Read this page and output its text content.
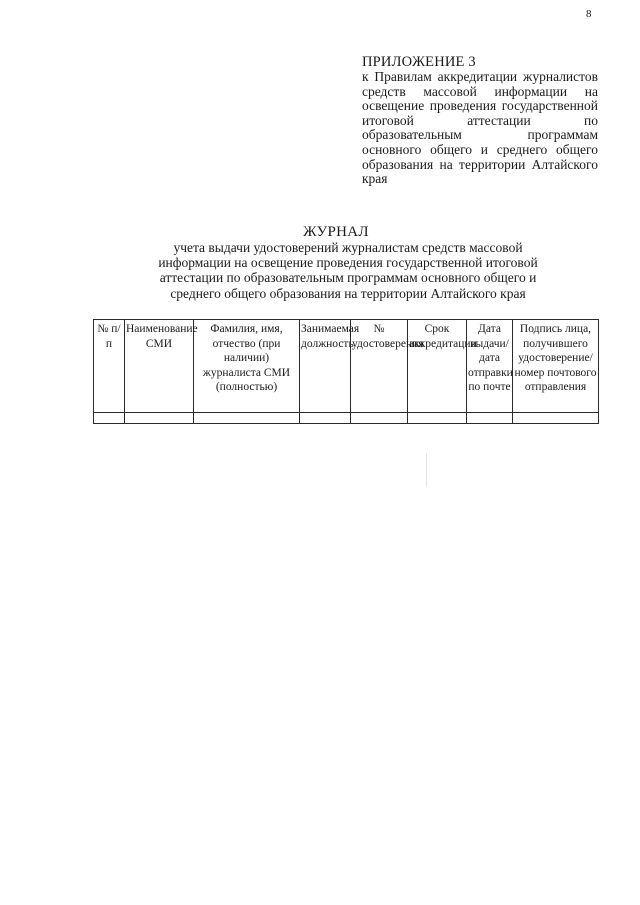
8
ПРИЛОЖЕНИЕ 3
к Правилам аккредитации журналистов средств массовой информации на освещение проведения государственной итоговой аттестации по образовательным программам основного общего и среднего общего образования на территории Алтайского края
ЖУРНАЛ
учета выдачи удостоверений журналистам средств массовой информации на освещение проведения государственной итоговой аттестации по образовательным программам основного общего и среднего общего образования на территории Алтайского края
№ п/п	Наименование СМИ	Фамилия, имя, отчество (при наличии) журналиста СМИ (полностью)	Занимаемая должность	№ удостоверения	Срок аккредитации	Дата выдачи/дата отправки по почте	Подпись лица, получившего удостоверение/номер почтового отправления
